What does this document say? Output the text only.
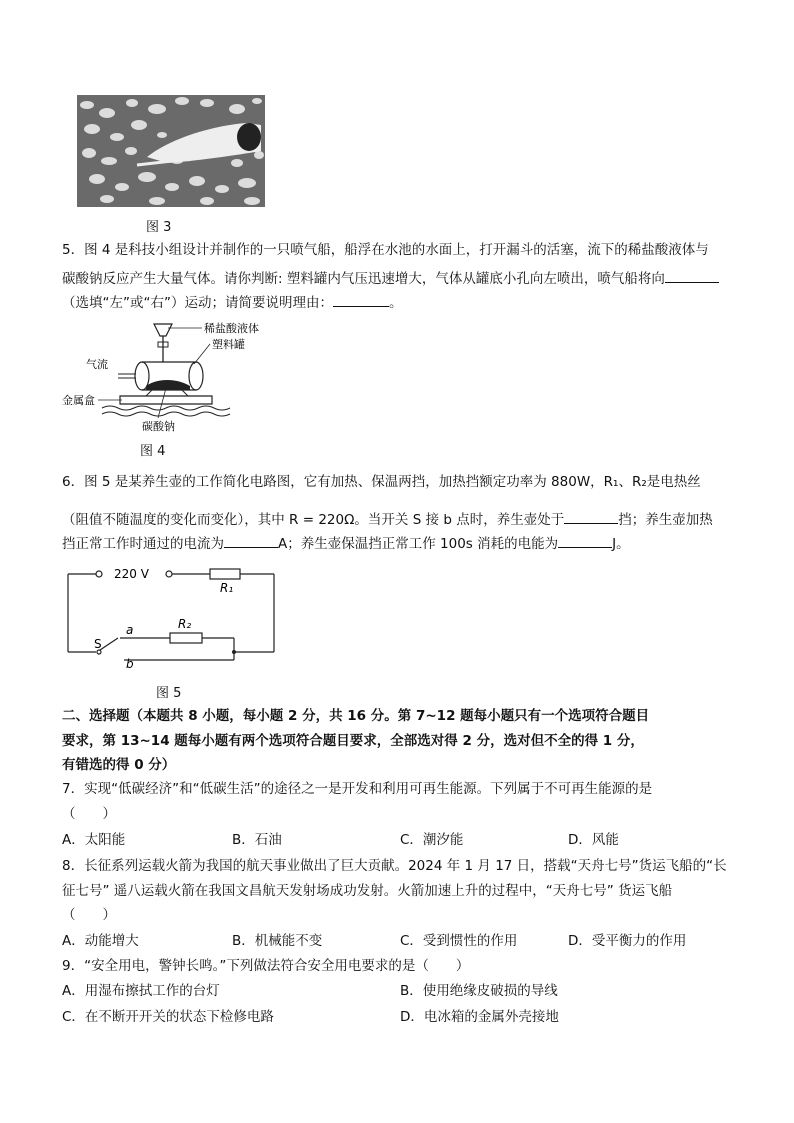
图 3
5．图 4 是科技小组设计并制作的一只喷气船，船浮在水池的水面上，打开漏斗的活塞，流下的稀盐酸液体与
碳酸钠反应产生大量气体。请你判断: 塑料罐内气压迅速增大，气体从罐底小孔向左喷出，喷气船将向
（选填“左”或“右”）运动；请简要说明理由：	。
稀盐酸液体
塑料罐
气流
金属盒
碳酸钠
图 4
6．图 5 是某养生壶的工作简化电路图，它有加热、保温两挡，加热挡额定功率为 880W，R₁、R₂是电热丝
（阻值不随温度的变化而变化），其中 R = 220Ω。当开关 S 接 b 点时，养生壶处于	挡；养生壶加热
挡正常工作时通过的电流为	A；养生壶保温挡正常工作 100s 消耗的电能为	J。
220 V
R₁
R₂
S
a
b
图 5
二、选择题（本题共 8 小题，每小题 2 分，共 16 分。第 7~12 题每小题只有一个选项符合题目
要求，第 13~14 题每小题有两个选项符合题目要求，全部选对得 2 分，选对但不全的得 1 分，
有错选的得 0 分）
7．实现“低碳经济”和“低碳生活”的途径之一是开发和利用可再生能源。下列属于不可再生能源的是
（　　）
A．太阳能	B．石油	C．潮汐能	D．风能
8．长征系列运载火箭为我国的航天事业做出了巨大贡献。2024 年 1 月 17 日，搭载“天舟七号”货运飞船的“长
征七号” 遥八运载火箭在我国文昌航天发射场成功发射。火箭加速上升的过程中，“天舟七号” 货运飞船
（　　）
A．动能增大	B．机械能不变	C．受到惯性的作用	D．受平衡力的作用
9．“安全用电，警钟长鸣。”下列做法符合安全用电要求的是（　　）
A．用湿布擦拭工作的台灯	B．使用绝缘皮破损的导线
C．在不断开开关的状态下检修电路	D．电冰箱的金属外壳接地
